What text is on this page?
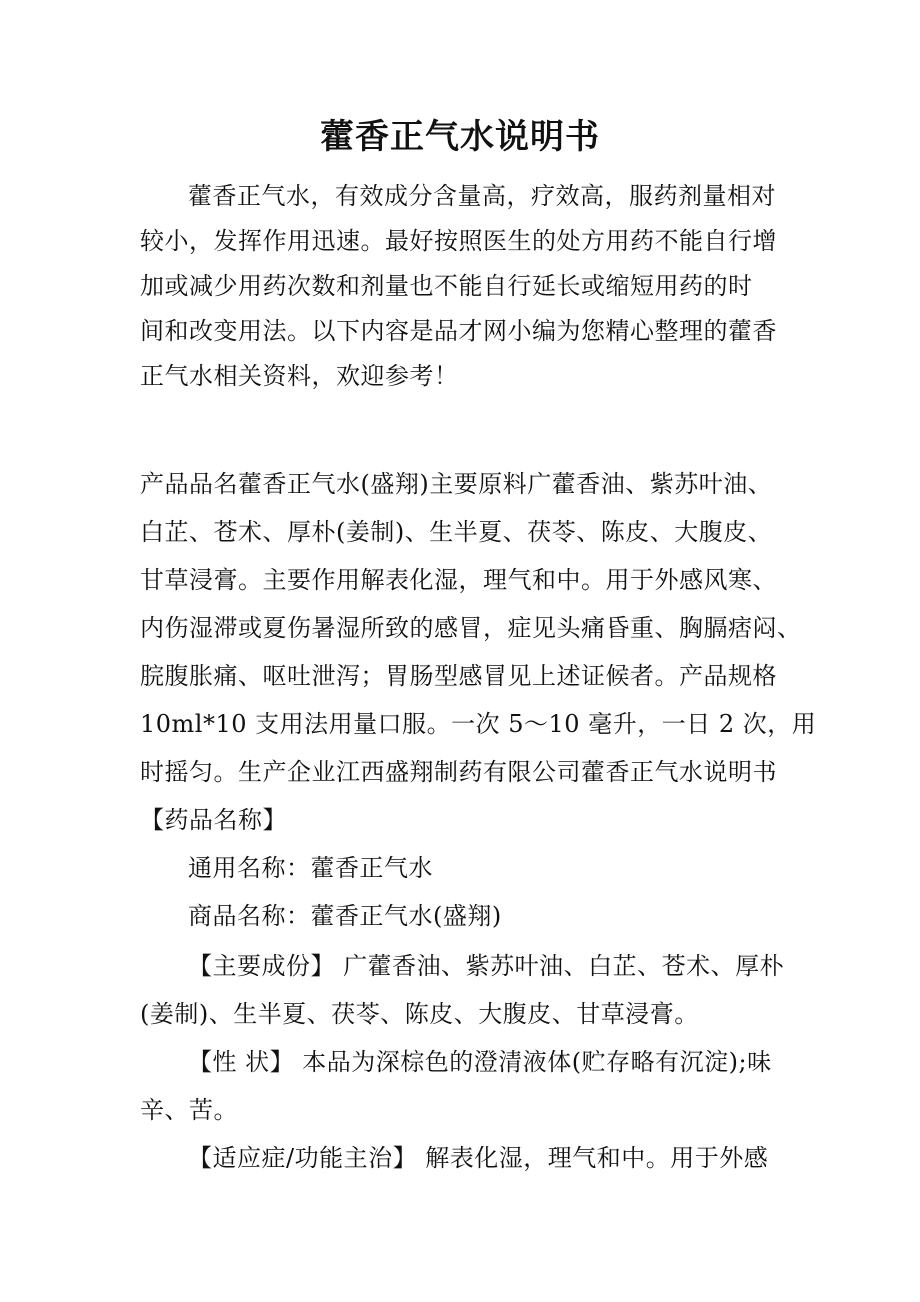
藿香正气水说明书
藿香正气水，有效成分含量高，疗效高，服药剂量相对
较小，发挥作用迅速。最好按照医生的处方用药不能自行增
加或减少用药次数和剂量也不能自行延长或缩短用药的时
间和改变用法。以下内容是品才网小编为您精心整理的藿香
正气水相关资料，欢迎参考！
产品品名藿香正气水(盛翔)主要原料广藿香油、紫苏叶油、
白芷、苍术、厚朴(姜制)、生半夏、茯苓、陈皮、大腹皮、
甘草浸膏。主要作用解表化湿，理气和中。用于外感风寒、
内伤湿滞或夏伤暑湿所致的感冒，症见头痛昏重、胸膈痞闷、
脘腹胀痛、呕吐泄泻；胃肠型感冒见上述证候者。产品规格
10ml*10 支用法用量口服。一次 5～10 毫升，一日 2 次，用
时摇匀。生产企业江西盛翔制药有限公司藿香正气水说明书
【药品名称】
通用名称：藿香正气水
商品名称：藿香正气水(盛翔)
【主要成份】 广藿香油、紫苏叶油、白芷、苍术、厚朴
(姜制)、生半夏、茯苓、陈皮、大腹皮、甘草浸膏。
【性 状】 本品为深棕色的澄清液体(贮存略有沉淀);味
辛、苦。
【适应症/功能主治】 解表化湿，理气和中。用于外感
